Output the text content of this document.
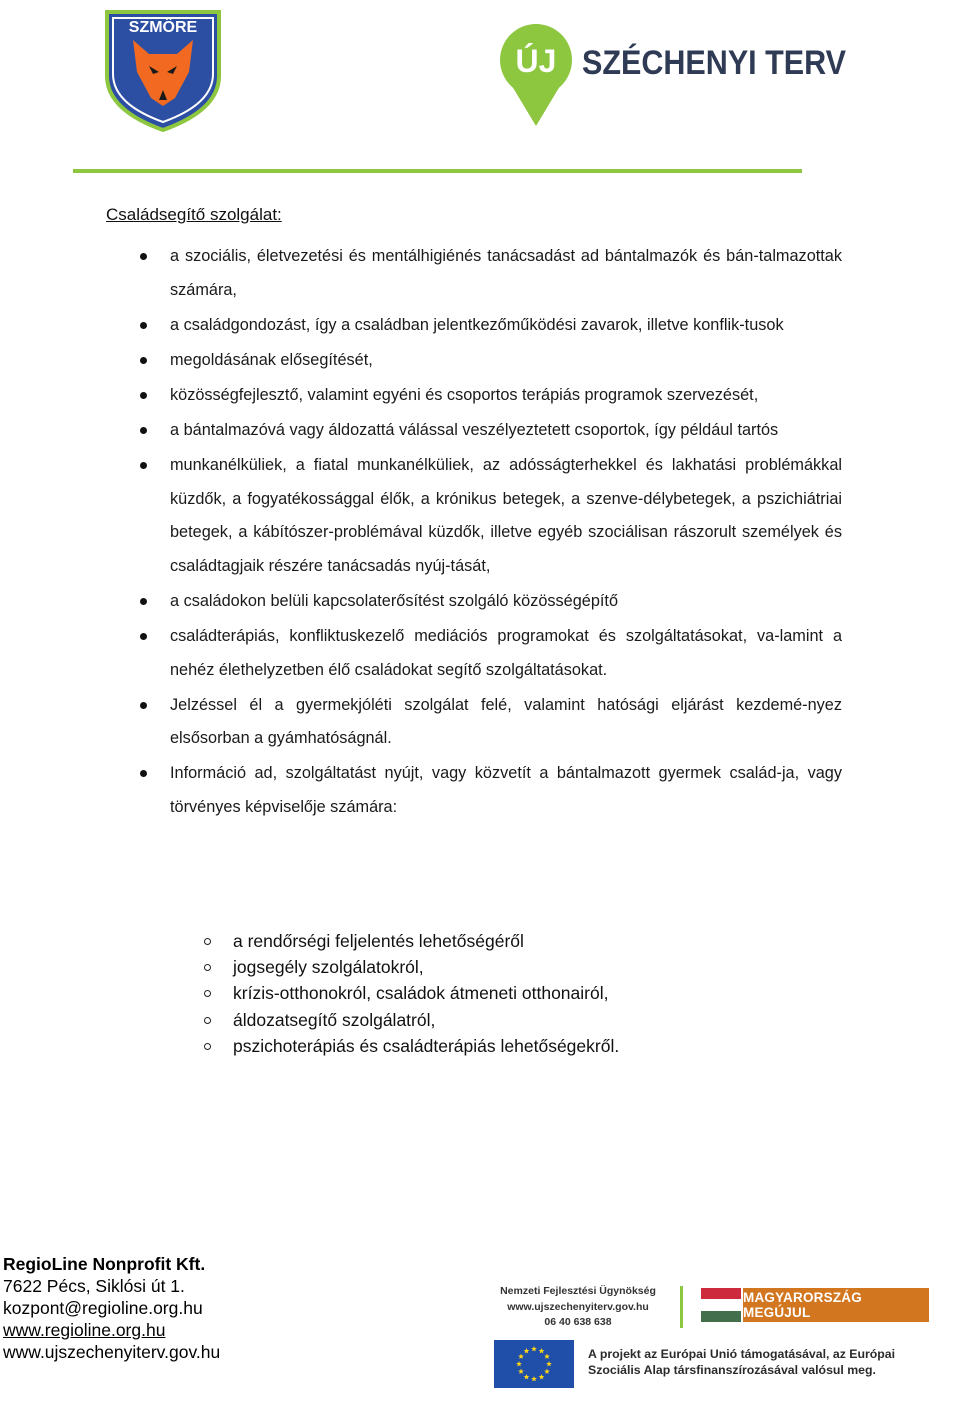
SZMÖRE
ÚJ SZÉCHENYI TERV
Családsegítő szolgálat:
a szociális, életvezetési és mentálhigiénés tanácsadást ad bántalmazók és bán-talmazottak számára,
a családgondozást, így a családban jelentkezőműködési zavarok, illetve konflik-tusok
megoldásának elősegítését,
közösségfejlesztő, valamint egyéni és csoportos terápiás programok szervezését,
a bántalmazóvá vagy áldozattá válással veszélyeztetett csoportok, így például tartós
munkanélküliek, a fiatal munkanélküliek, az adósságterhekkel és lakhatási problémákkal küzdők, a fogyatékossággal élők, a krónikus betegek, a szenve-délybetegek, a pszichiátriai betegek, a kábítószer-problémával küzdők, illetve egyéb szociálisan rászorult személyek és családtagjaik részére tanácsadás nyúj-tását,
a családokon belüli kapcsolaterősítést szolgáló közösségépítő
családterápiás, konfliktuskezelő mediációs programokat és szolgáltatásokat, va-lamint a nehéz élethelyzetben élő családokat segítő szolgáltatásokat.
Jelzéssel él a gyermekjóléti szolgálat felé, valamint hatósági eljárást kezdemé-nyez elsősorban a gyámhatóságnál.
Információ ad, szolgáltatást nyújt, vagy közvetít a bántalmazott gyermek család-ja, vagy törvényes képviselője számára:
a rendőrségi feljelentés lehetőségéről
jogsegély szolgálatokról,
krízis-otthonokról, családok átmeneti otthonairól,
áldozatsegítő szolgálatról,
pszichoterápiás és családterápiás lehetőségekről.
RegioLine Nonprofit Kft.
7622 Pécs, Siklósi út 1.
kozpont@regioline.org.hu
www.regioline.org.hu
www.ujszechenyiterv.gov.hu
Nemzeti Fejlesztési Ügynökség
www.ujszechenyiterv.gov.hu
06 40 638 638
MAGYARORSZÁG MEGÚJUL
A projekt az Európai Unió támogatásával, az Európai Szociális Alap társfinanszírozásával valósul meg.
